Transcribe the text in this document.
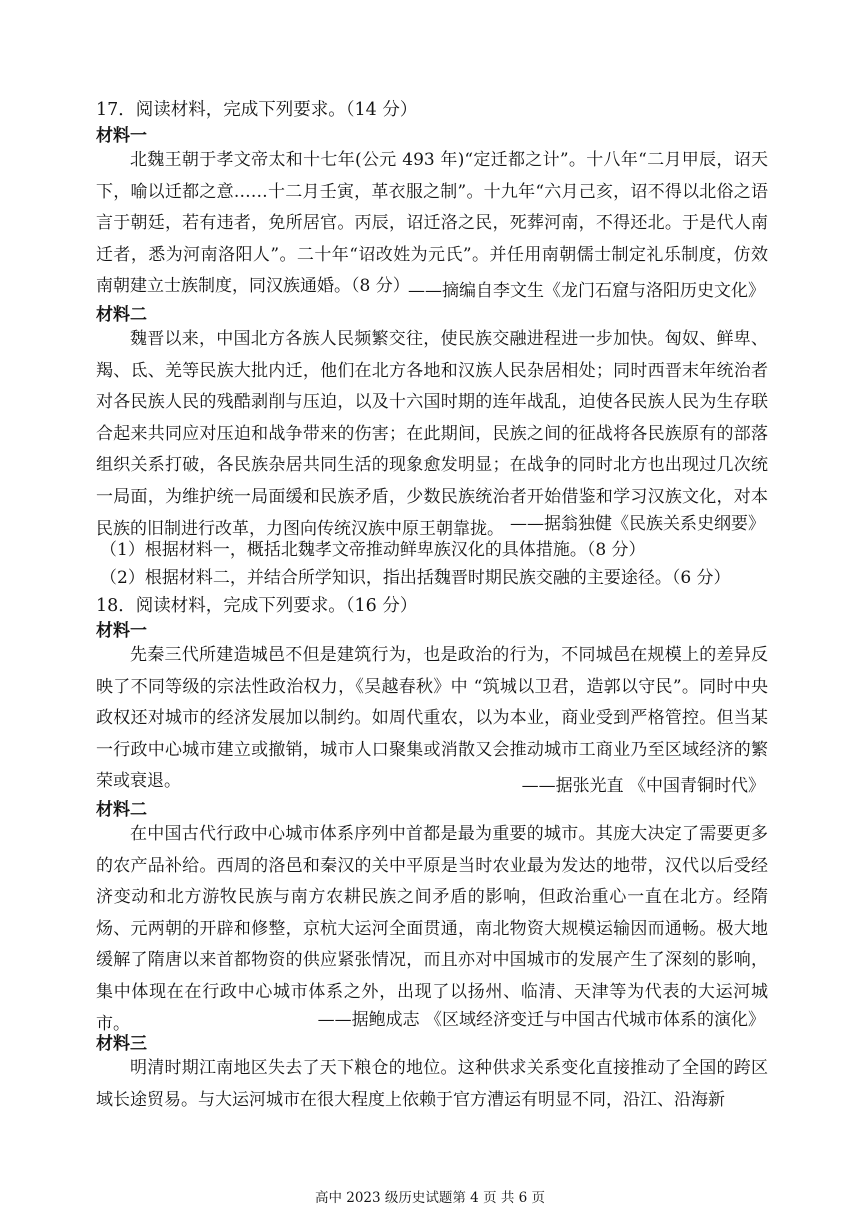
17．阅读材料，完成下列要求。（14 分）
材料一

北魏王朝于孝文帝太和十七年(公元 493 年)“定迁都之计”。十八年“二月甲辰，诏天下，喻以迁都之意……十二月壬寅，革衣服之制”。十九年“六月己亥，诏不得以北俗之语言于朝廷，若有违者，免所居官。丙辰，诏迁洛之民，死葬河南，不得还北。于是代人南迁者，悉为河南洛阳人”。二十年“诏改姓为元氏”。并任用南朝儒士制定礼乐制度，仿效南朝建立士族制度，同汉族通婚。（8 分）

——摘编自李文生《龙门石窟与洛阳历史文化》
材料二

魏晋以来，中国北方各族人民频繁交往，使民族交融进程进一步加快。匈奴、鲜卑、羯、氐、羌等民族大批内迁，他们在北方各地和汉族人民杂居相处；同时西晋末年统治者对各民族人民的残酷剥削与压迫，以及十六国时期的连年战乱，迫使各民族人民为生存联合起来共同应对压迫和战争带来的伤害；在此期间，民族之间的征战将各民族原有的部落组织关系打破，各民族杂居共同生活的现象愈发明显；在战争的同时北方也出现过几次统一局面，为维护统一局面缓和民族矛盾，少数民族统治者开始借鉴和学习汉族文化，对本民族的旧制进行改革，力图向传统汉族中原王朝靠拢。 ——据翁独健《民族关系史纲要》
（1）根据材料一，概括北魏孝文帝推动鲜卑族汉化的具体措施。（8 分）
（2）根据材料二，并结合所学知识，指出括魏晋时期民族交融的主要途径。（6 分）
18．阅读材料，完成下列要求。（16 分）
材料一

先秦三代所建造城邑不但是建筑行为，也是政治的行为，不同城邑在规模上的差异反映了不同等级的宗法性政治权力，《吴越春秋》中 “筑城以卫君，造郭以守民”。同时中央政权还对城市的经济发展加以制约。如周代重农，以为本业，商业受到严格管控。但当某一行政中心城市建立或撤销，城市人口聚集或消散又会推动城市工商业乃至区域经济的繁荣或衰退。	——据张光直 《中国青铜时代》
材料二

在中国古代行政中心城市体系序列中首都是最为重要的城市。其庞大决定了需要更多的农产品补给。西周的洛邑和秦汉的关中平原是当时农业最为发达的地带，汉代以后受经济变动和北方游牧民族与南方农耕民族之间矛盾的影响，但政治重心一直在北方。经隋炀、元两朝的开辟和修整，京杭大运河全面贯通，南北物资大规模运输因而通畅。极大地缓解了隋唐以来首都物资的供应紧张情况，而且亦对中国城市的发展产生了深刻的影响，集中体现在在行政中心城市体系之外，出现了以扬州、临清、天津等为代表的大运河城市。	——据鲍成志 《区域经济变迁与中国古代城市体系的演化》
材料三

明清时期江南地区失去了天下粮仓的地位。这种供求关系变化直接推动了全国的跨区域长途贸易。与大运河城市在很大程度上依赖于官方漕运有明显不同，沿江、沿海新

高中 2023 级历史试题第 4 页 共 6 页
